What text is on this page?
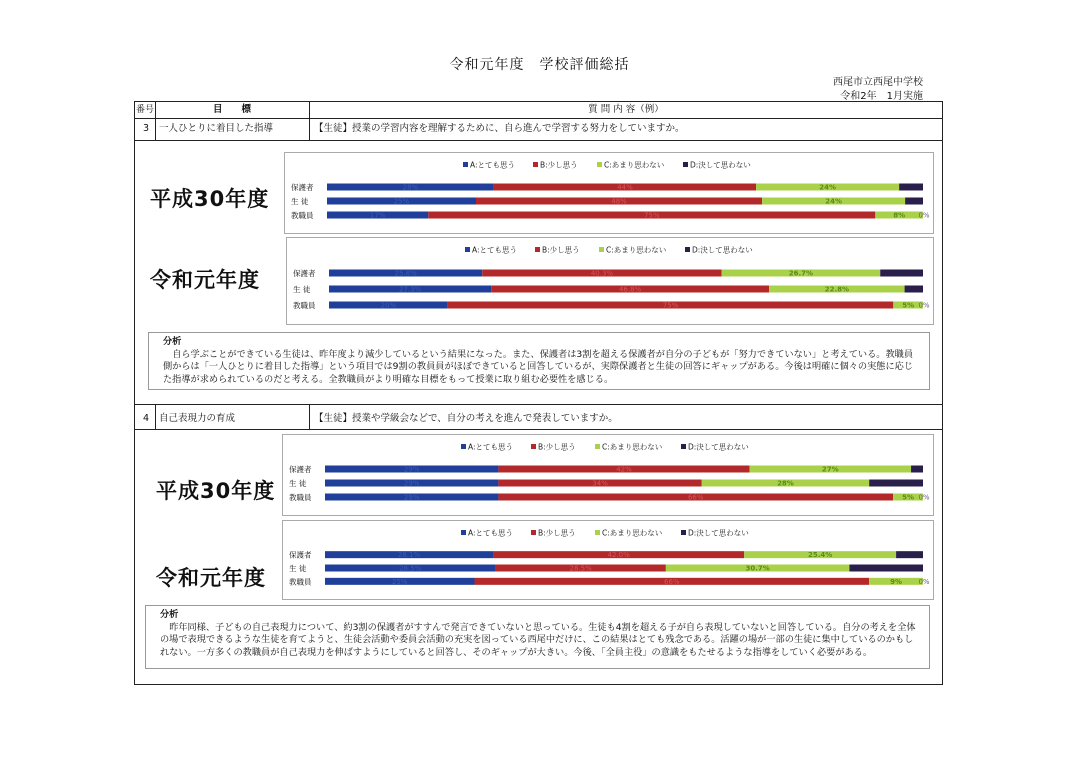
令和元年度　学校評価総括
西尾市立西尾中学校
令和2年　1月実施
番号	目　　標	質 問 内 容（例）
3	一人ひとりに着目した指導	【生徒】授業の学習内容を理解するために、自ら進んで学習する努力をしていますか。
4	自己表現力の育成	【生徒】授業や学級会などで、自分の考えを進んで発表していますか。
平成30年度
令和元年度
平成30年度
令和元年度
A:とても思う	B:少し思う	C:あまり思わない	D:決して思わない
保護者	28%	44%	24%
生 徒	25%	48%	24%
教職員	17%	75%	8% 0%
A:とても思う	B:少し思う	C:あまり思わない	D:決して思わない
保護者	25.8%	40.3%	26.7%
生 徒	27.3%	46.8%	22.8%
教職員	20%	75%	5% 0%
A:とても思う	B:少し思う	C:あまり思わない	D:決して思わない
保護者	29%	42%	27%
生 徒	29%	34%	28%
教職員	29%	66%	5% 0%
A:とても思う	B:少し思う	C:あまり思わない	D:決して思わない
保護者	28.1%	42.0%	25.4%
生 徒	28.5%	28.5%	30.7%
教職員	25%	66%	9% 0%
分析

自ら学ぶことができている生徒は、昨年度より減少しているという結果になった。また、保護者は3割を超える保護者が自分の子どもが「努力できていない」と考えている。教職員側からは「一人ひとりに着目した指導」という項目では9割の教員員がほぼできていると回答しているが、実際保護者と生徒の回答にギャップがある。今後は明確に個々の実態に応じた指導が求められているのだと考える。全教職員がより明確な目標をもって授業に取り組む必要性を感じる。

分析

昨年同様、子どもの自己表現力について、約3割の保護者がすすんで発言できていないと思っている。生徒も4割を超える子が自ら表現していないと回答している。自分の考えを全体の場で表現できるような生徒を育てようと、生徒会活動や委員会活動の充実を図っている西尾中だけに、この結果はとても残念である。活躍の場が一部の生徒に集中しているのかもしれない。一方多くの教職員が自己表現力を伸ばすようにしていると回答し、そのギャップが大きい。今後、「全員主役」の意識をもたせるような指導をしていく必要がある。
